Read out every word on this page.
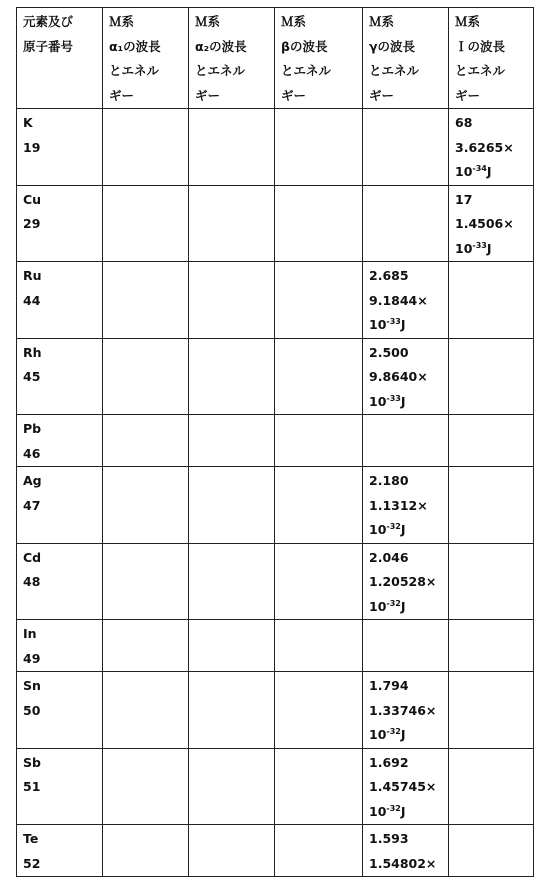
元素及び
原子番号	Ｍ系
α₁の波長
とエネル
ギー	Ｍ系
α₂の波長
とエネル
ギー	Ｍ系
βの波長
とエネル
ギー	Ｍ系
γの波長
とエネル
ギー	Ｍ系
Ｉの波長
とエネル
ギー

K
19					68
3.6265×
$10^{-34}J$

Cu
29					17
1.4506×
$10^{-33}J$

Ru
44				2.685
9.1844×
$10^{-33}J$	

Rh
45				2.500
9.8640×
$10^{-33}J$	

Pb
46					

Ag
47				2.180
1.1312×
$10^{-32}J$	

Cd
48				2.046
1.20528×
$10^{-32}J$	

In
49					

Sn
50				1.794
1.33746×
$10^{-32}J$	

Sb
51				1.692
1.45745×
$10^{-32}J$	

Te
52				1.593
1.54802×	
